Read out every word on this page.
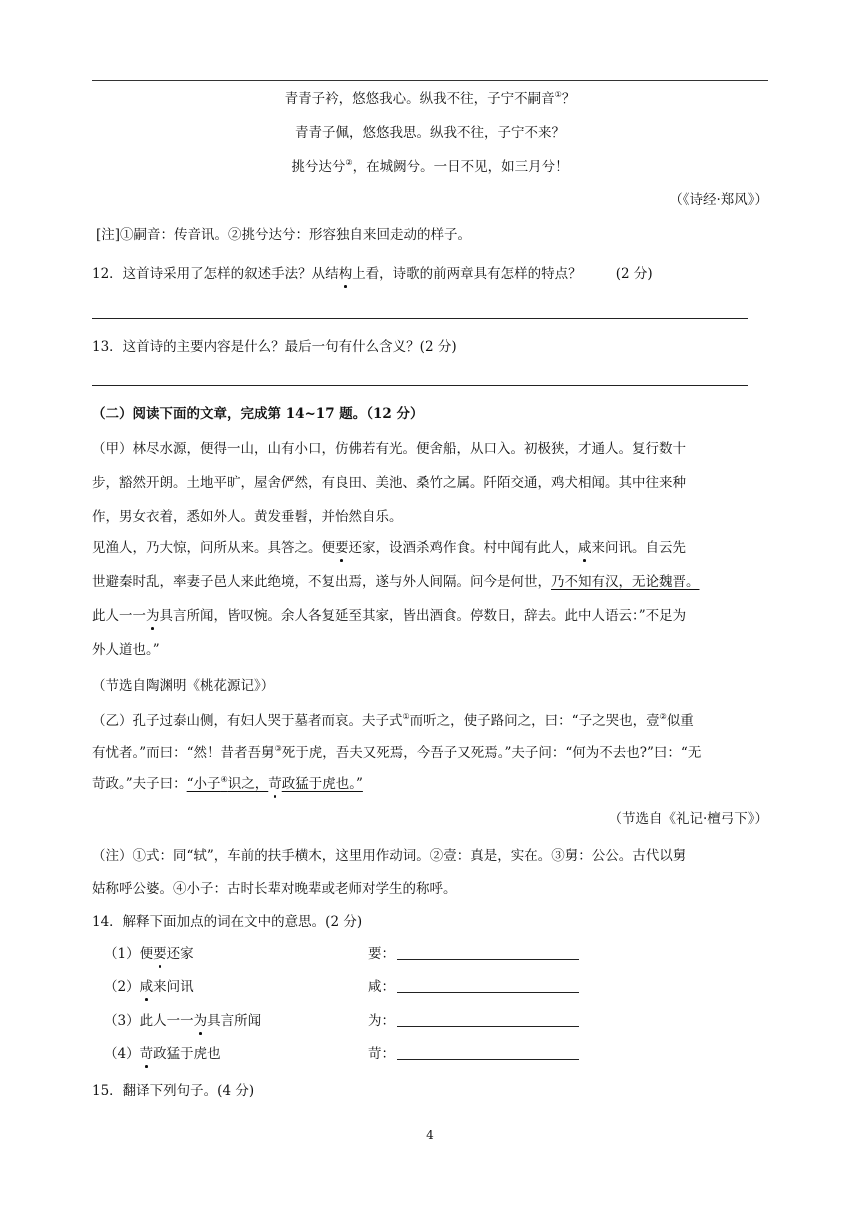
青青子衿，悠悠我心。纵我不往，子宁不嗣音①？
青青子佩，悠悠我思。纵我不往，子宁不来？
挑兮达兮②，在城阙兮。一日不见，如三月兮！
（《诗经·郑风》）
[注]①嗣音：传音讯。②挑兮达兮：形容独自来回走动的样子。
12．这首诗采用了怎样的叙述手法？从结构上看，诗歌的前两章具有怎样的特点？	(2 分)
13．这首诗的主要内容是什么？最后一句有什么含义？(2 分)
（二）阅读下面的文章，完成第 14~17 题。（12 分）
（甲）林尽水源，便得一山，山有小口，仿佛若有光。便舍船，从口入。初极狭，才通人。复行数十
步，豁然开朗。土地平旷，屋舍俨然，有良田、美池、桑竹之属。阡陌交通，鸡犬相闻。其中往来种
作，男女衣着，悉如外人。黄发垂髫，并怡然自乐。
见渔人，乃大惊，问所从来。具答之。便要还家，设酒杀鸡作食。村中闻有此人，咸来问讯。自云先
世避秦时乱，率妻子邑人来此绝境，不复出焉，遂与外人间隔。问今是何世，乃不知有汉，无论魏晋。
此人一一为具言所闻，皆叹惋。余人各复延至其家，皆出酒食。停数日，辞去。此中人语云：”不足为
外人道也。”
（节选自陶渊明《桃花源记》）
（乙）孔子过泰山侧，有妇人哭于墓者而哀。夫子式①而听之，使子路问之，曰：“子之哭也，壹②似重
有忧者。”而曰：“然！昔者吾舅③死于虎，吾夫又死焉，今吾子又死焉。”夫子问：“何为不去也?”曰：“无
苛政。”夫子曰：“小子④识之，苛政猛于虎也。”
（节选自《礼记·檀弓下》）
（注）①式：同“轼”，车前的扶手横木，这里用作动词。②壹：真是，实在。③舅：公公。古代以舅
姑称呼公婆。④小子：古时长辈对晚辈或老师对学生的称呼。
14．解释下面加点的词在文中的意思。(2 分)
（1）便要还家	要：
（2）咸来问讯	咸：
（3）此人一一为具言所闻	为：
（4）苛政猛于虎也	苛：
15．翻译下列句子。(4 分)
4
